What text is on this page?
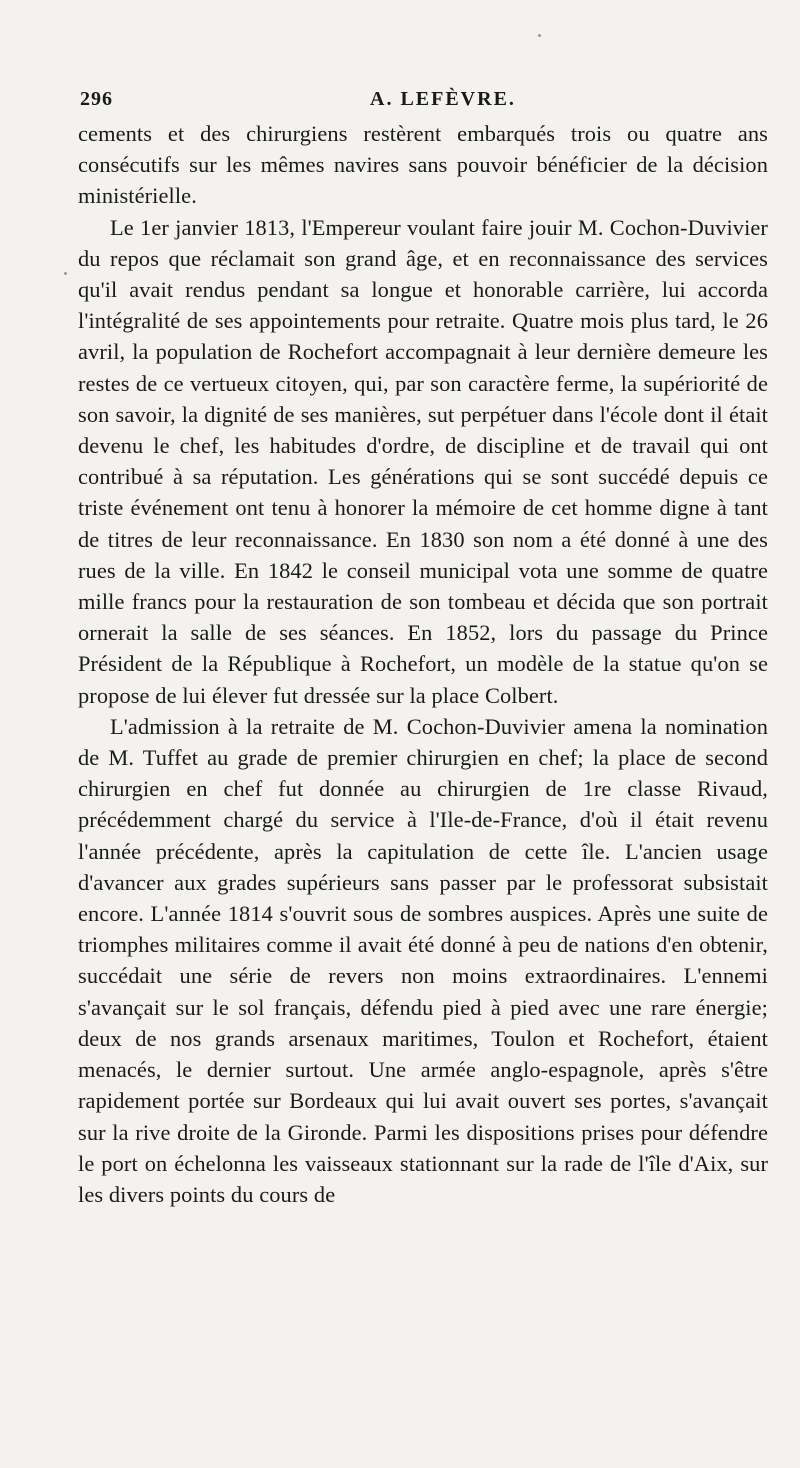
296	A. LEFÈVRE.

cements et des chirurgiens restèrent embarqués trois ou quatre ans consécutifs sur les mêmes navires sans pouvoir bénéficier de la décision ministérielle.

Le 1er janvier 1813, l'Empereur voulant faire jouir M. Cochon-Duvivier du repos que réclamait son grand âge, et en reconnaissance des services qu'il avait rendus pendant sa longue et honorable carrière, lui accorda l'intégralité de ses appointements pour retraite. Quatre mois plus tard, le 26 avril, la population de Rochefort accompagnait à leur dernière demeure les restes de ce vertueux citoyen, qui, par son caractère ferme, la supériorité de son savoir, la dignité de ses manières, sut perpétuer dans l'école dont il était devenu le chef, les habitudes d'ordre, de discipline et de travail qui ont contribué à sa réputation. Les générations qui se sont succédé depuis ce triste événement ont tenu à honorer la mémoire de cet homme digne à tant de titres de leur reconnaissance. En 1830 son nom a été donné à une des rues de la ville. En 1842 le conseil municipal vota une somme de quatre mille francs pour la restauration de son tombeau et décida que son portrait ornerait la salle de ses séances. En 1852, lors du passage du Prince Président de la République à Rochefort, un modèle de la statue qu'on se propose de lui élever fut dressée sur la place Colbert.

L'admission à la retraite de M. Cochon-Duvivier amena la nomination de M. Tuffet au grade de premier chirurgien en chef; la place de second chirurgien en chef fut donnée au chirurgien de 1re classe Rivaud, précédemment chargé du service à l'Ile-de-France, d'où il était revenu l'année précédente, après la capitulation de cette île. L'ancien usage d'avancer aux grades supérieurs sans passer par le professorat subsistait encore. L'année 1814 s'ouvrit sous de sombres auspices. Après une suite de triomphes militaires comme il avait été donné à peu de nations d'en obtenir, succédait une série de revers non moins extraordinaires. L'ennemi s'avançait sur le sol français, défendu pied à pied avec une rare énergie; deux de nos grands arsenaux maritimes, Toulon et Rochefort, étaient menacés, le dernier surtout. Une armée anglo-espagnole, après s'être rapidement portée sur Bordeaux qui lui avait ouvert ses portes, s'avançait sur la rive droite de la Gironde. Parmi les dispositions prises pour défendre le port on échelonna les vaisseaux stationnant sur la rade de l'île d'Aix, sur les divers points du cours de
